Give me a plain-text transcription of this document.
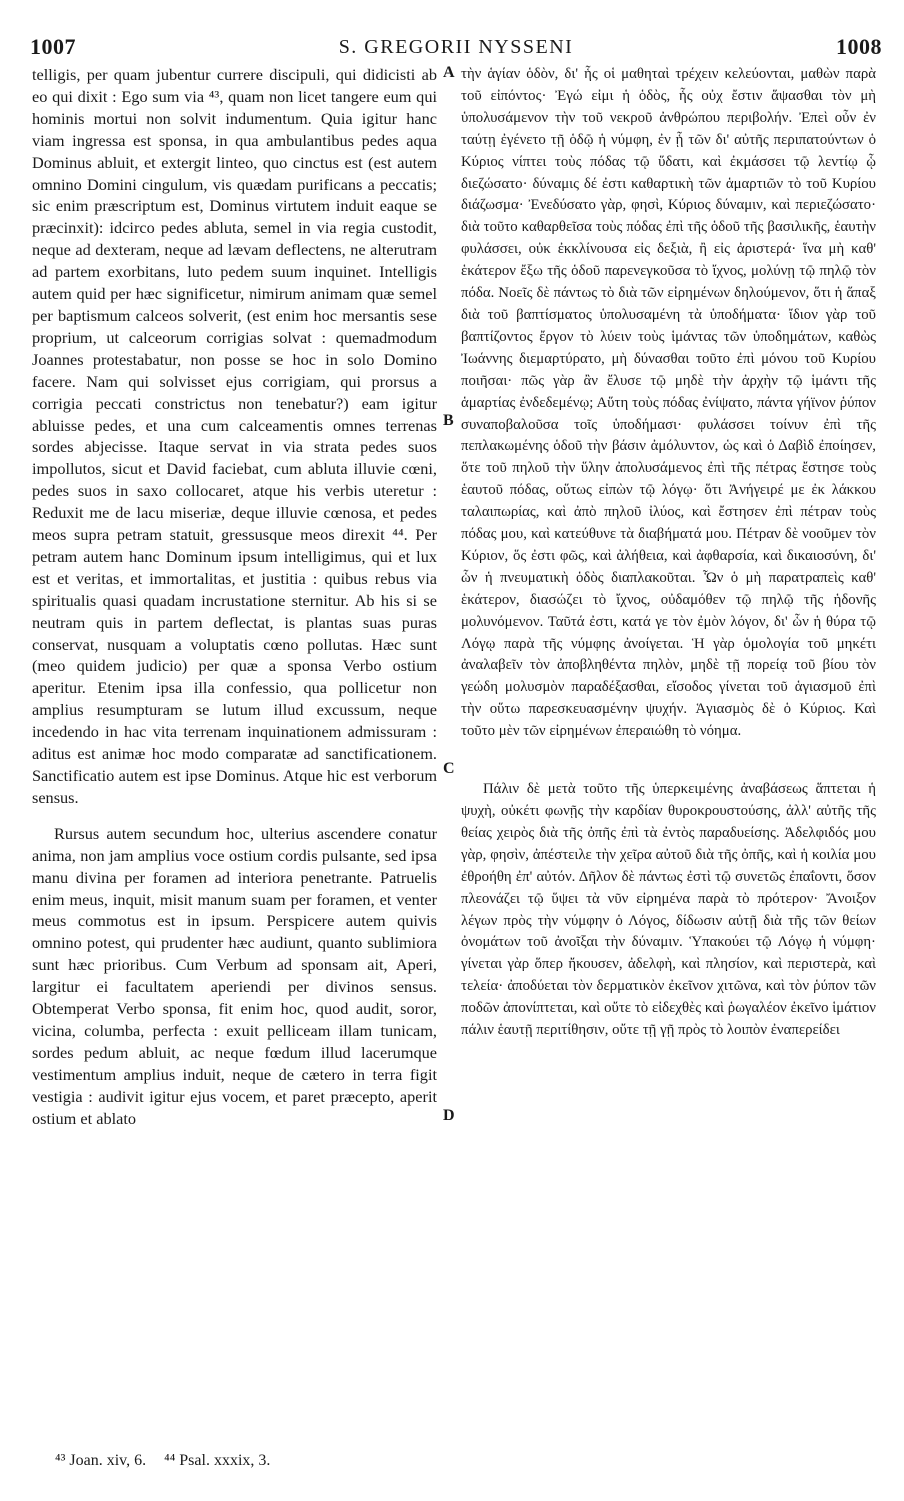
1007	S. GREGORII NYSSENI	1008

telligis, per quam jubentur currere discipuli, qui didicisti ab eo qui dixit : Ego sum via ⁴³, quam non licet tangere eum qui hominis mortui non solvit indumentum. Quia igitur hanc viam ingressa est sponsa, in qua ambulantibus pedes aqua Dominus abluit, et extergit linteo, quo cinctus est (est autem omnino Domini cingulum, vis quædam purificans a peccatis; sic enim præscriptum est, Dominus virtutem induit eaque se præcinxit): idcirco pedes abluta, semel in via regia custodit, neque ad dexteram, neque ad lævam deflectens, ne alterutram ad partem exorbitans, luto pedem suum inquinet. Intelligis autem quid per hæc significetur, nimirum animam quæ semel per baptismum calceos solverit, (est enim hoc mersantis sese proprium, ut calceorum corrigias solvat : quemadmodum Joannes protestabatur, non posse se hoc in solo Domino facere. Nam qui solvisset ejus corrigiam, qui prorsus a corrigia peccati constrictus non tenebatur?) eam igitur abluisse pedes, et una cum calceamentis omnes terrenas sordes abjecisse. Itaque servat in via strata pedes suos impollutos, sicut et David faciebat, cum abluta illuvie cœni, pedes suos in saxo collocaret, atque his verbis uteretur : Reduxit me de lacu miseriæ, deque illuvie cœnosa, et pedes meos supra petram statuit, gressusque meos direxit ⁴⁴. Per petram autem hanc Dominum ipsum intelligimus, qui et lux est et veritas, et immortalitas, et justitia : quibus rebus via spiritualis quasi quadam incrustatione sternitur. Ab his si se neutram quis in partem deflectat, is plantas suas puras conservat, nusquam a voluptatis cœno pollutas. Hæc sunt (meo quidem judicio) per quæ a sponsa Verbo ostium aperitur. Etenim ipsa illa confessio, qua pollicetur non amplius resumpturam se lutum illud excussum, neque incedendo in hac vita terrenam inquinationem admissuram : aditus est animæ hoc modo comparatæ ad sanctificationem. Sanctificatio autem est ipse Dominus. Atque hic est verborum sensus.

Rursus autem secundum hoc, ulterius ascendere conatur anima, non jam amplius voce ostium cordis pulsante, sed ipsa manu divina per foramen ad interiora penetrante. Patruelis enim meus, inquit, misit manum suam per foramen, et venter meus commotus est in ipsum. Perspicere autem quivis omnino potest, qui prudenter hæc audiunt, quanto sublimiora sunt hæc prioribus. Cum Verbum ad sponsam ait, Aperi, largitur ei facultatem aperiendi per divinos sensus. Obtemperat Verbo sponsa, fit enim hoc, quod audit, soror, vicina, columba, perfecta : exuit pelliceam illam tunicam, sordes pedum abluit, ac neque fœdum illud lacerumque vestimentum amplius induit, neque de cætero in terra figit vestigia : audivit igitur ejus vocem, et paret præcepto, aperit ostium et ablato

τὴν ἁγίαν ὁδὸν, δι' ἧς οἱ μαθηταὶ τρέχειν κελεύονται, μαθὼν παρὰ τοῦ εἰπόντος· Ἐγώ εἰμι ἡ ὁδὸς, ἧς οὐχ ἔστιν ἅψασθαι τὸν μὴ ὑπολυσάμενον τὴν τοῦ νεκροῦ ἀνθρώπου περιβολήν. Ἐπεὶ οὖν ἐν ταύτῃ ἐγένετο τῇ ὁδῷ ἡ νύμφη, ἐν ᾗ τῶν δι' αὐτῆς περιπατούντων ὁ Κύριος νίπτει τοὺς πόδας τῷ ὕδατι, καὶ ἐκμάσσει τῷ λεντίῳ ᾧ διεζώσατο· δύναμις δέ ἐστι καθαρτικὴ τῶν ἁμαρτιῶν τὸ τοῦ Κυρίου διάζωσμα· Ἐνεδύσατο γὰρ, φησὶ, Κύριος δύναμιν, καὶ περιεζώσατο· διὰ τοῦτο καθαρθεῖσα τοὺς πόδας ἐπὶ τῆς ὁδοῦ τῆς βασιλικῆς, ἑαυτὴν φυλάσσει, οὐκ ἐκκλίνουσα εἰς δεξιὰ, ἢ εἰς ἀριστερά· ἵνα μὴ καθ' ἑκάτερον ἔξω τῆς ὁδοῦ παρενεγκοῦσα τὸ ἴχνος, μολύνῃ τῷ πηλῷ τὸν πόδα. Νοεῖς δὲ πάντως τὸ διὰ τῶν εἰρημένων δηλούμενον, ὅτι ἡ ἅπαξ διὰ τοῦ βαπτίσματος ὑπολυσαμένη τὰ ὑποδήματα· ἴδιον γὰρ τοῦ βαπτίζοντος ἔργον τὸ λύειν τοὺς ἱμάντας τῶν ὑποδημάτων, καθὼς Ἰωάννης διεμαρτύρατο, μὴ δύνασθαι τοῦτο ἐπὶ μόνου τοῦ Κυρίου ποιῆσαι· πῶς γὰρ ἂν ἔλυσε τῷ μηδὲ τὴν ἀρχὴν τῷ ἱμάντι τῆς ἁμαρτίας ἐνδεδεμένῳ; Αὕτη τοὺς πόδας ἐνίψατο, πάντα γήϊνον ῥύπον συναποβαλοῦσα τοῖς ὑποδήμασι· φυλάσσει τοίνυν ἐπὶ τῆς πεπλακωμένης ὁδοῦ τὴν βάσιν ἀμόλυντον, ὡς καὶ ὁ Δαβὶδ ἐποίησεν, ὅτε τοῦ πηλοῦ τὴν ὕλην ἀπολυσάμενος ἐπὶ τῆς πέτρας ἔστησε τοὺς ἑαυτοῦ πόδας, οὕτως εἰπὼν τῷ λόγῳ· ὅτι Ἀνήγειρέ με ἐκ λάκκου ταλαιπωρίας, καὶ ἀπὸ πηλοῦ ἰλύος, καὶ ἔστησεν ἐπὶ πέτραν τοὺς πόδας μου, καὶ κατεύθυνε τὰ διαβήματά μου. Πέτραν δὲ νοοῦμεν τὸν Κύριον, ὅς ἐστι φῶς, καὶ ἀλήθεια, καὶ ἀφθαρσία, καὶ δικαιοσύνη, δι' ὧν ἡ πνευματικὴ ὁδὸς διαπλακοῦται. Ὧν ὁ μὴ παρατραπεὶς καθ' ἑκάτερον, διασώζει τὸ ἴχνος, οὐδαμόθεν τῷ πηλῷ τῆς ἡδονῆς μολυνόμενον. Ταῦτά ἐστι, κατά γε τὸν ἐμὸν λόγον, δι' ὧν ἡ θύρα τῷ Λόγῳ παρὰ τῆς νύμφης ἀνοίγεται. Ἡ γὰρ ὁμολογία τοῦ μηκέτι ἀναλαβεῖν τὸν ἀποβληθέντα πηλὸν, μηδὲ τῇ πορείᾳ τοῦ βίου τὸν γεώδη μολυσμὸν παραδέξασθαι, εἴσοδος γίνεται τοῦ ἁγιασμοῦ ἐπὶ τὴν οὕτω παρεσκευασμένην ψυχήν. Ἁγιασμὸς δὲ ὁ Κύριος. Καὶ τοῦτο μὲν τῶν εἰρημένων ἐπεραιώθη τὸ νόημα.

Πάλιν δὲ μετὰ τοῦτο τῆς ὑπερκειμένης ἀναβάσεως ἅπτεται ἡ ψυχὴ, οὐκέτι φωνῇς τὴν καρδίαν θυροκρουστούσης, ἀλλ' αὐτῆς τῆς θείας χειρὸς διὰ τῆς ὀπῆς ἐπὶ τὰ ἐντὸς παραδυείσης. Ἀδελφιδός μου γὰρ, φησὶν, ἀπέστειλε τὴν χεῖρα αὐτοῦ διὰ τῆς ὀπῆς, καὶ ἡ κοιλία μου ἐθροήθη ἐπ' αὐτόν. Δῆλον δὲ πάντως ἐστὶ τῷ συνετῶς ἐπαΐοντι, ὅσον πλεονάζει τῷ ὕψει τὰ νῦν εἰρημένα παρὰ τὸ πρότερον· Ἄνοιξον λέγων πρὸς τὴν νύμφην ὁ Λόγος, δίδωσιν αὐτῇ διὰ τῆς τῶν θείων ὀνομάτων τοῦ ἀνοῖξαι τὴν δύναμιν. Ὑπακούει τῷ Λόγῳ ἡ νύμφη· γίνεται γὰρ ὅπερ ἤκουσεν, ἀδελφὴ, καὶ πλησίον, καὶ περιστερὰ, καὶ τελεία· ἀποδύεται τὸν δερματικὸν ἐκεῖνον χιτῶνα, καὶ τὸν ῥύπον τῶν ποδῶν ἀπονίπτεται, καὶ οὔτε τὸ εἰδεχθὲς καὶ ῥωγαλέον ἐκεῖνο ἱμάτιον πάλιν ἑαυτῇ περιτίθησιν, οὔτε τῇ γῇ πρὸς τὸ λοιπὸν ἐναπερείδει

A
B
C
D
⁴³ Joan. xiv, 6. ⁴⁴ Psal. xxxix, 3.
